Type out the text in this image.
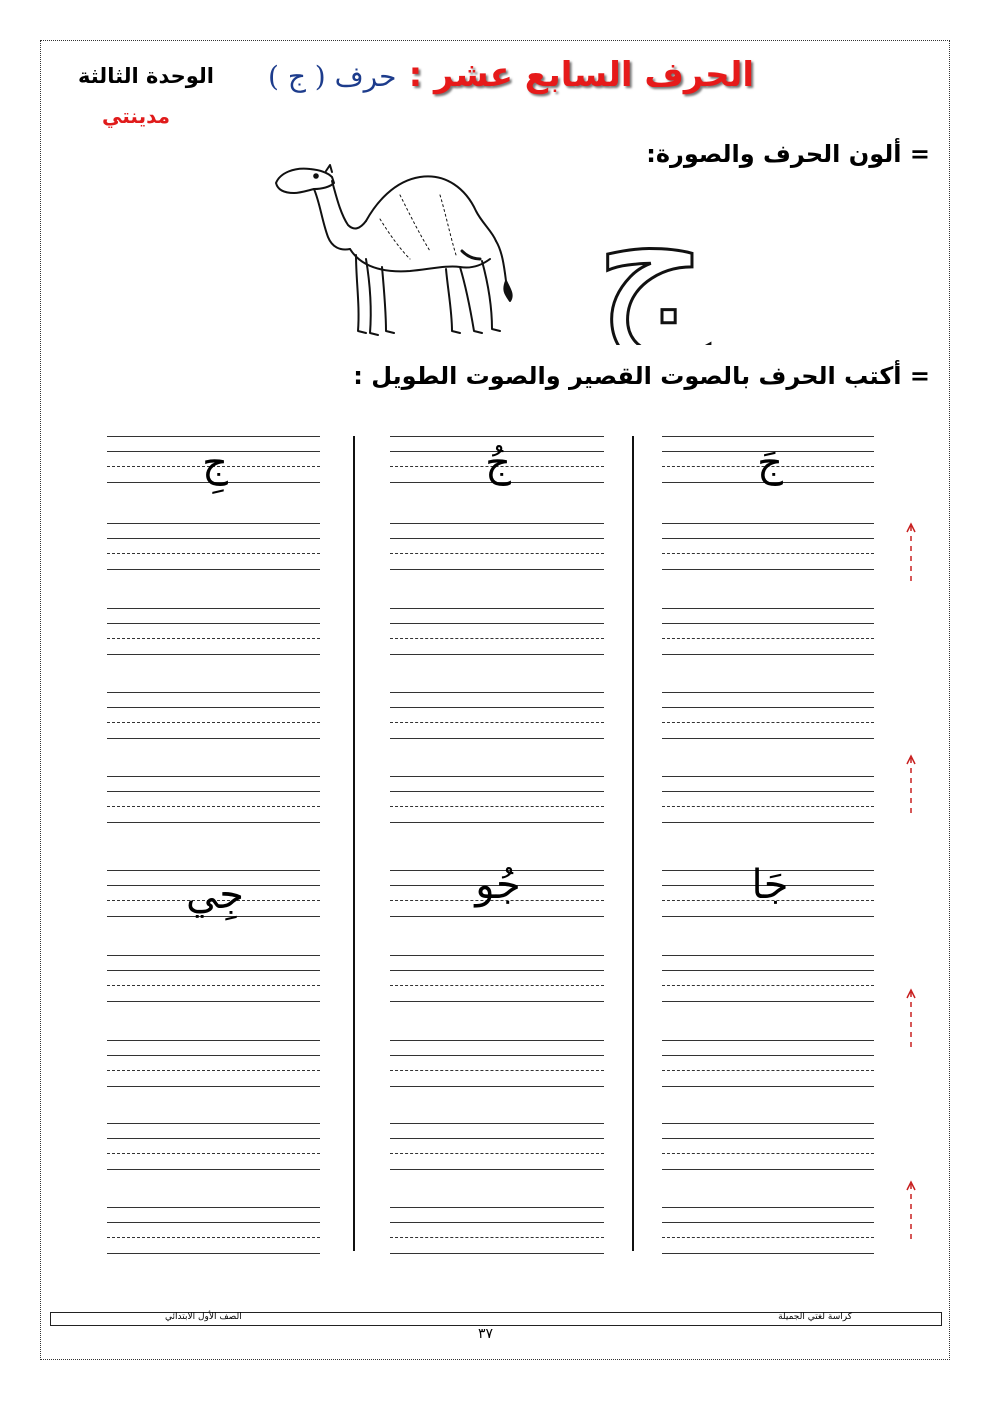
الحرف السابع عشر :
حرف ( ج )
الوحدة الثالثة
مدينتي
= ألون الحرف والصورة:
ج
= أكتب الحرف بالصوت القصير والصوت الطويل :
جَ
جُ
جِ
جَا
جُو
جِي
كراسة لغتي الجميلة
الصف الأول الابتدائي
٣٧
